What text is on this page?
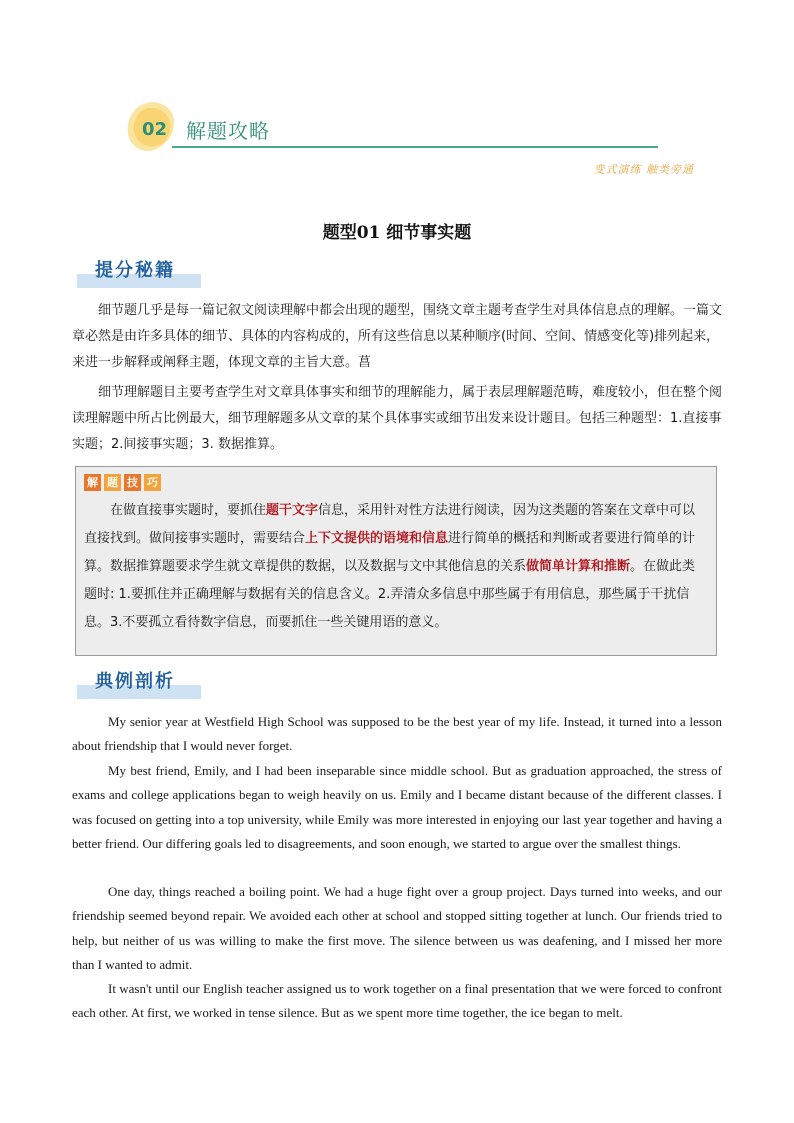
02 解题攻略
变式演练 触类旁通
题型01 细节事实题
提分秘籍

细节题几乎是每一篇记叙文阅读理解中都会出现的题型，围绕文章主题考查学生对具体信息点的理解。一篇文章必然是由许多具体的细节、具体的内容构成的，所有这些信息以某种顺序(时间、空间、情感变化等)排列起来，来进一步解释或阐释主题，体现文章的主旨大意。菖

细节理解题目主要考查学生对文章具体事实和细节的理解能力，属于表层理解题范畴，难度较小，但在整个阅读理解题中所占比例最大，细节理解题多从文章的某个具体事实或细节出发来设计题目。包括三种题型：1.直接事实题；2.间接事实题；3. 数据推算。

解 题 技 巧

在做直接事实题时，要抓住题干文字信息，采用针对性方法进行阅读，因为这类题的答案在文章中可以直接找到。做间接事实题时，需要结合上下文提供的语境和信息进行简单的概括和判断或者要进行简单的计算。数据推算题要求学生就文章提供的数据，以及数据与文中其他信息的关系做简单计算和推断。在做此类题时: 1.要抓住并正确理解与数据有关的信息含义。2.弄清众多信息中那些属于有用信息，那些属于干扰信息。3.不要孤立看待数字信息，而要抓住一些关键用语的意义。

典例剖析

My senior year at Westfield High School was supposed to be the best year of my life. Instead, it turned into a lesson about friendship that I would never forget.

My best friend, Emily, and I had been inseparable since middle school. But as graduation approached, the stress of exams and college applications began to weigh heavily on us. Emily and I became distant because of the different classes. I was focused on getting into a top university, while Emily was more interested in enjoying our last year together and having a better friend. Our differing goals led to disagreements, and soon enough, we started to argue over the smallest things.

One day, things reached a boiling point. We had a huge fight over a group project. Days turned into weeks, and our friendship seemed beyond repair. We avoided each other at school and stopped sitting together at lunch. Our friends tried to help, but neither of us was willing to make the first move. The silence between us was deafening, and I missed her more than I wanted to admit.

It wasn't until our English teacher assigned us to work together on a final presentation that we were forced to confront each other. At first, we worked in tense silence. But as we spent more time together, the ice began to melt.
